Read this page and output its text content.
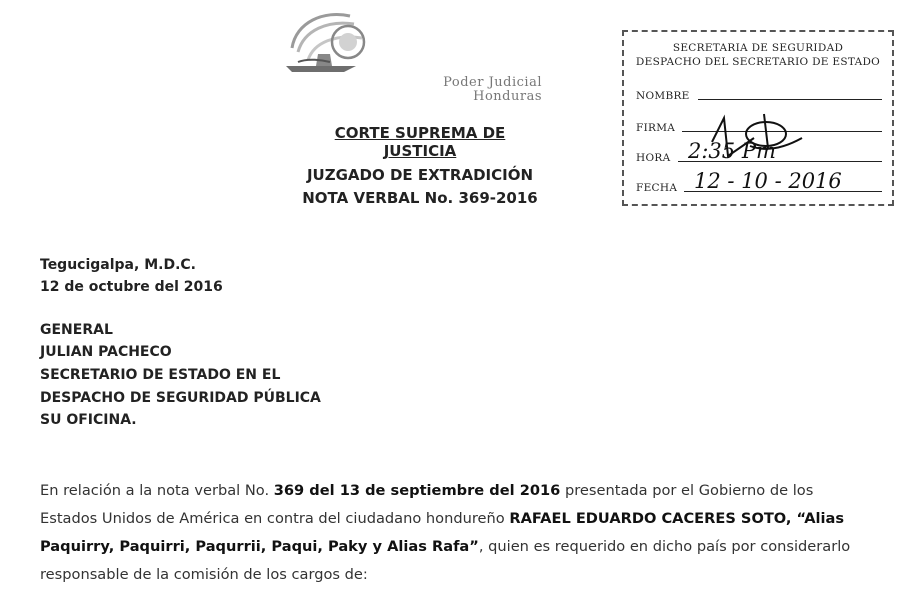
Poder Judicial
Honduras
CORTE SUPREMA DE JUSTICIA
JUZGADO DE EXTRADICIÓN
NOTA VERBAL No. 369-2016
SECRETARIA DE SEGURIDAD
DESPACHO DEL SECRETARIO DE ESTADO
NOMBRE
FIRMA
HORA 2:35 Pm
FECHA 12 - 10 - 2016
Tegucigalpa, M.D.C.
12 de octubre del 2016
GENERAL
JULIAN PACHECO
SECRETARIO DE ESTADO EN EL
DESPACHO DE SEGURIDAD PÚBLICA
SU OFICINA.
En relación a la nota verbal No. 369 del 13 de septiembre del 2016 presentada por el Gobierno de los Estados Unidos de América en contra del ciudadano hondureño RAFAEL EDUARDO CACERES SOTO, “Alias Paquirry, Paquirri, Paqurrii, Paqui, Paky y Alias Rafa”, quien es requerido en dicho país por considerarlo responsable de la comisión de los cargos de:
